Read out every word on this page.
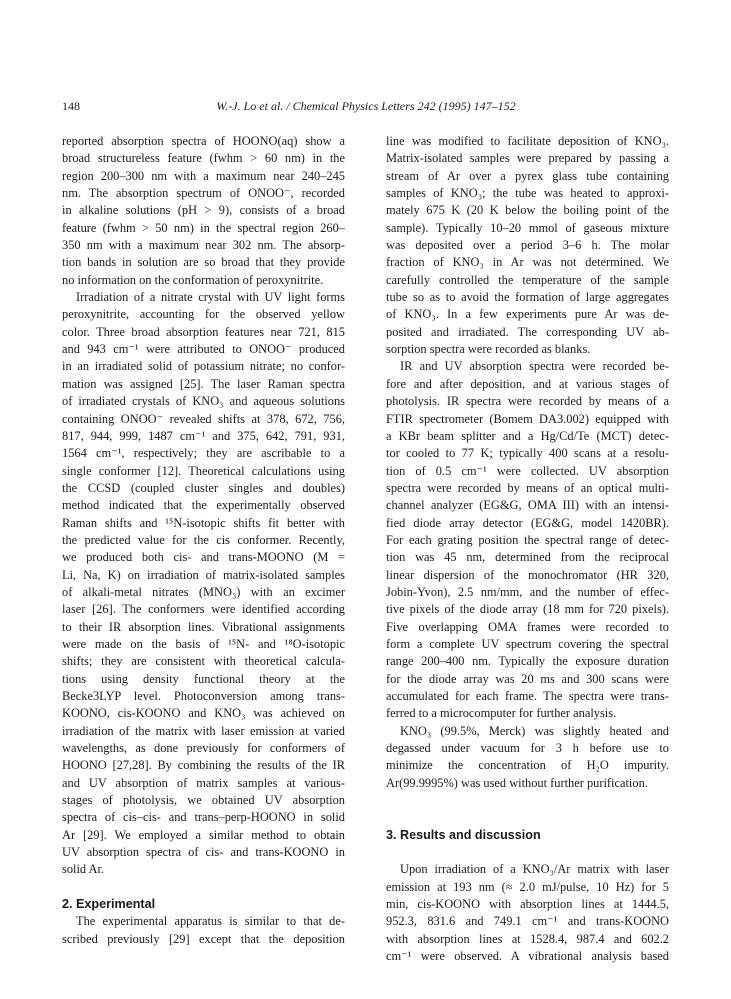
148	W.-J. Lo et al. / Chemical Physics Letters 242 (1995) 147–152
reported absorption spectra of HOONO(aq) show a
broad structureless feature (fwhm > 60 nm) in the
region 200–300 nm with a maximum near 240–245
nm. The absorption spectrum of ONOO⁻, recorded
in alkaline solutions (pH > 9), consists of a broad
feature (fwhm > 50 nm) in the spectral region 260–
350 nm with a maximum near 302 nm. The absorp-
tion bands in solution are so broad that they provide
no information on the conformation of peroxynitrite.
Irradiation of a nitrate crystal with UV light forms
peroxynitrite, accounting for the observed yellow
color. Three broad absorption features near 721, 815
and 943 cm⁻¹ were attributed to ONOO⁻ produced
in an irradiated solid of potassium nitrate; no confor-
mation was assigned [25]. The laser Raman spectra
of irradiated crystals of KNO₃ and aqueous solutions
containing ONOO⁻ revealed shifts at 378, 672, 756,
817, 944, 999, 1487 cm⁻¹ and 375, 642, 791, 931,
1564 cm⁻¹, respectively; they are ascribable to a
single conformer [12]. Theoretical calculations using
the CCSD (coupled cluster singles and doubles)
method indicated that the experimentally observed
Raman shifts and ¹⁵N-isotopic shifts fit better with
the predicted value for the cis conformer. Recently,
we produced both cis- and trans-MOONO (M =
Li, Na, K) on irradiation of matrix-isolated samples
of alkali-metal nitrates (MNO₃) with an excimer
laser [26]. The conformers were identified according
to their IR absorption lines. Vibrational assignments
were made on the basis of ¹⁵N- and ¹⁸O-isotopic
shifts; they are consistent with theoretical calcula-
tions using density functional theory at the
Becke3LYP level. Photoconversion among trans-
KOONO, cis-KOONO and KNO₃ was achieved on
irradiation of the matrix with laser emission at varied
wavelengths, as done previously for conformers of
HOONO [27,28]. By combining the results of the IR
and UV absorption of matrix samples at various-
stages of photolysis, we obtained UV absorption
spectra of cis–cis- and trans–perp-HOONO in solid
Ar [29]. We employed a similar method to obtain
UV absorption spectra of cis- and trans-KOONO in
solid Ar.
2. Experimental
The experimental apparatus is similar to that de-
scribed previously [29] except that the deposition
line was modified to facilitate deposition of KNO₃.
Matrix-isolated samples were prepared by passing a
stream of Ar over a pyrex glass tube containing
samples of KNO₃; the tube was heated to approxi-
mately 675 K (20 K below the boiling point of the
sample). Typically 10–20 mmol of gaseous mixture
was deposited over a period 3–6 h. The molar
fraction of KNO₃ in Ar was not determined. We
carefully controlled the temperature of the sample
tube so as to avoid the formation of large aggregates
of KNO₃. In a few experiments pure Ar was de-
posited and irradiated. The corresponding UV ab-
sorption spectra were recorded as blanks.
IR and UV absorption spectra were recorded be-
fore and after deposition, and at various stages of
photolysis. IR spectra were recorded by means of a
FTIR spectrometer (Bomem DA3.002) equipped with
a KBr beam splitter and a Hg/Cd/Te (MCT) detec-
tor cooled to 77 K; typically 400 scans at a resolu-
tion of 0.5 cm⁻¹ were collected. UV absorption
spectra were recorded by means of an optical multi-
channel analyzer (EG&G, OMA III) with an intensi-
fied diode array detector (EG&G, model 1420BR).
For each grating position the spectral range of detec-
tion was 45 nm, determined from the reciprocal
linear dispersion of the monochromator (HR 320,
Jobin-Yvon), 2.5 nm/mm, and the number of effec-
tive pixels of the diode array (18 mm for 720 pixels).
Five overlapping OMA frames were recorded to
form a complete UV spectrum covering the spectral
range 200–400 nm. Typically the exposure duration
for the diode array was 20 ms and 300 scans were
accumulated for each frame. The spectra were trans-
ferred to a microcomputer for further analysis.
KNO₃ (99.5%, Merck) was slightly heated and
degassed under vacuum for 3 h before use to
minimize the concentration of H₂O impurity.
Ar(99.9995%) was used without further purification.
3. Results and discussion
Upon irradiation of a KNO₃/Ar matrix with laser
emission at 193 nm (≈ 2.0 mJ/pulse, 10 Hz) for 5
min, cis-KOONO with absorption lines at 1444.5,
952.3, 831.6 and 749.1 cm⁻¹ and trans-KOONO
with absorption lines at 1528.4, 987.4 and 602.2
cm⁻¹ were observed. A vibrational analysis based
